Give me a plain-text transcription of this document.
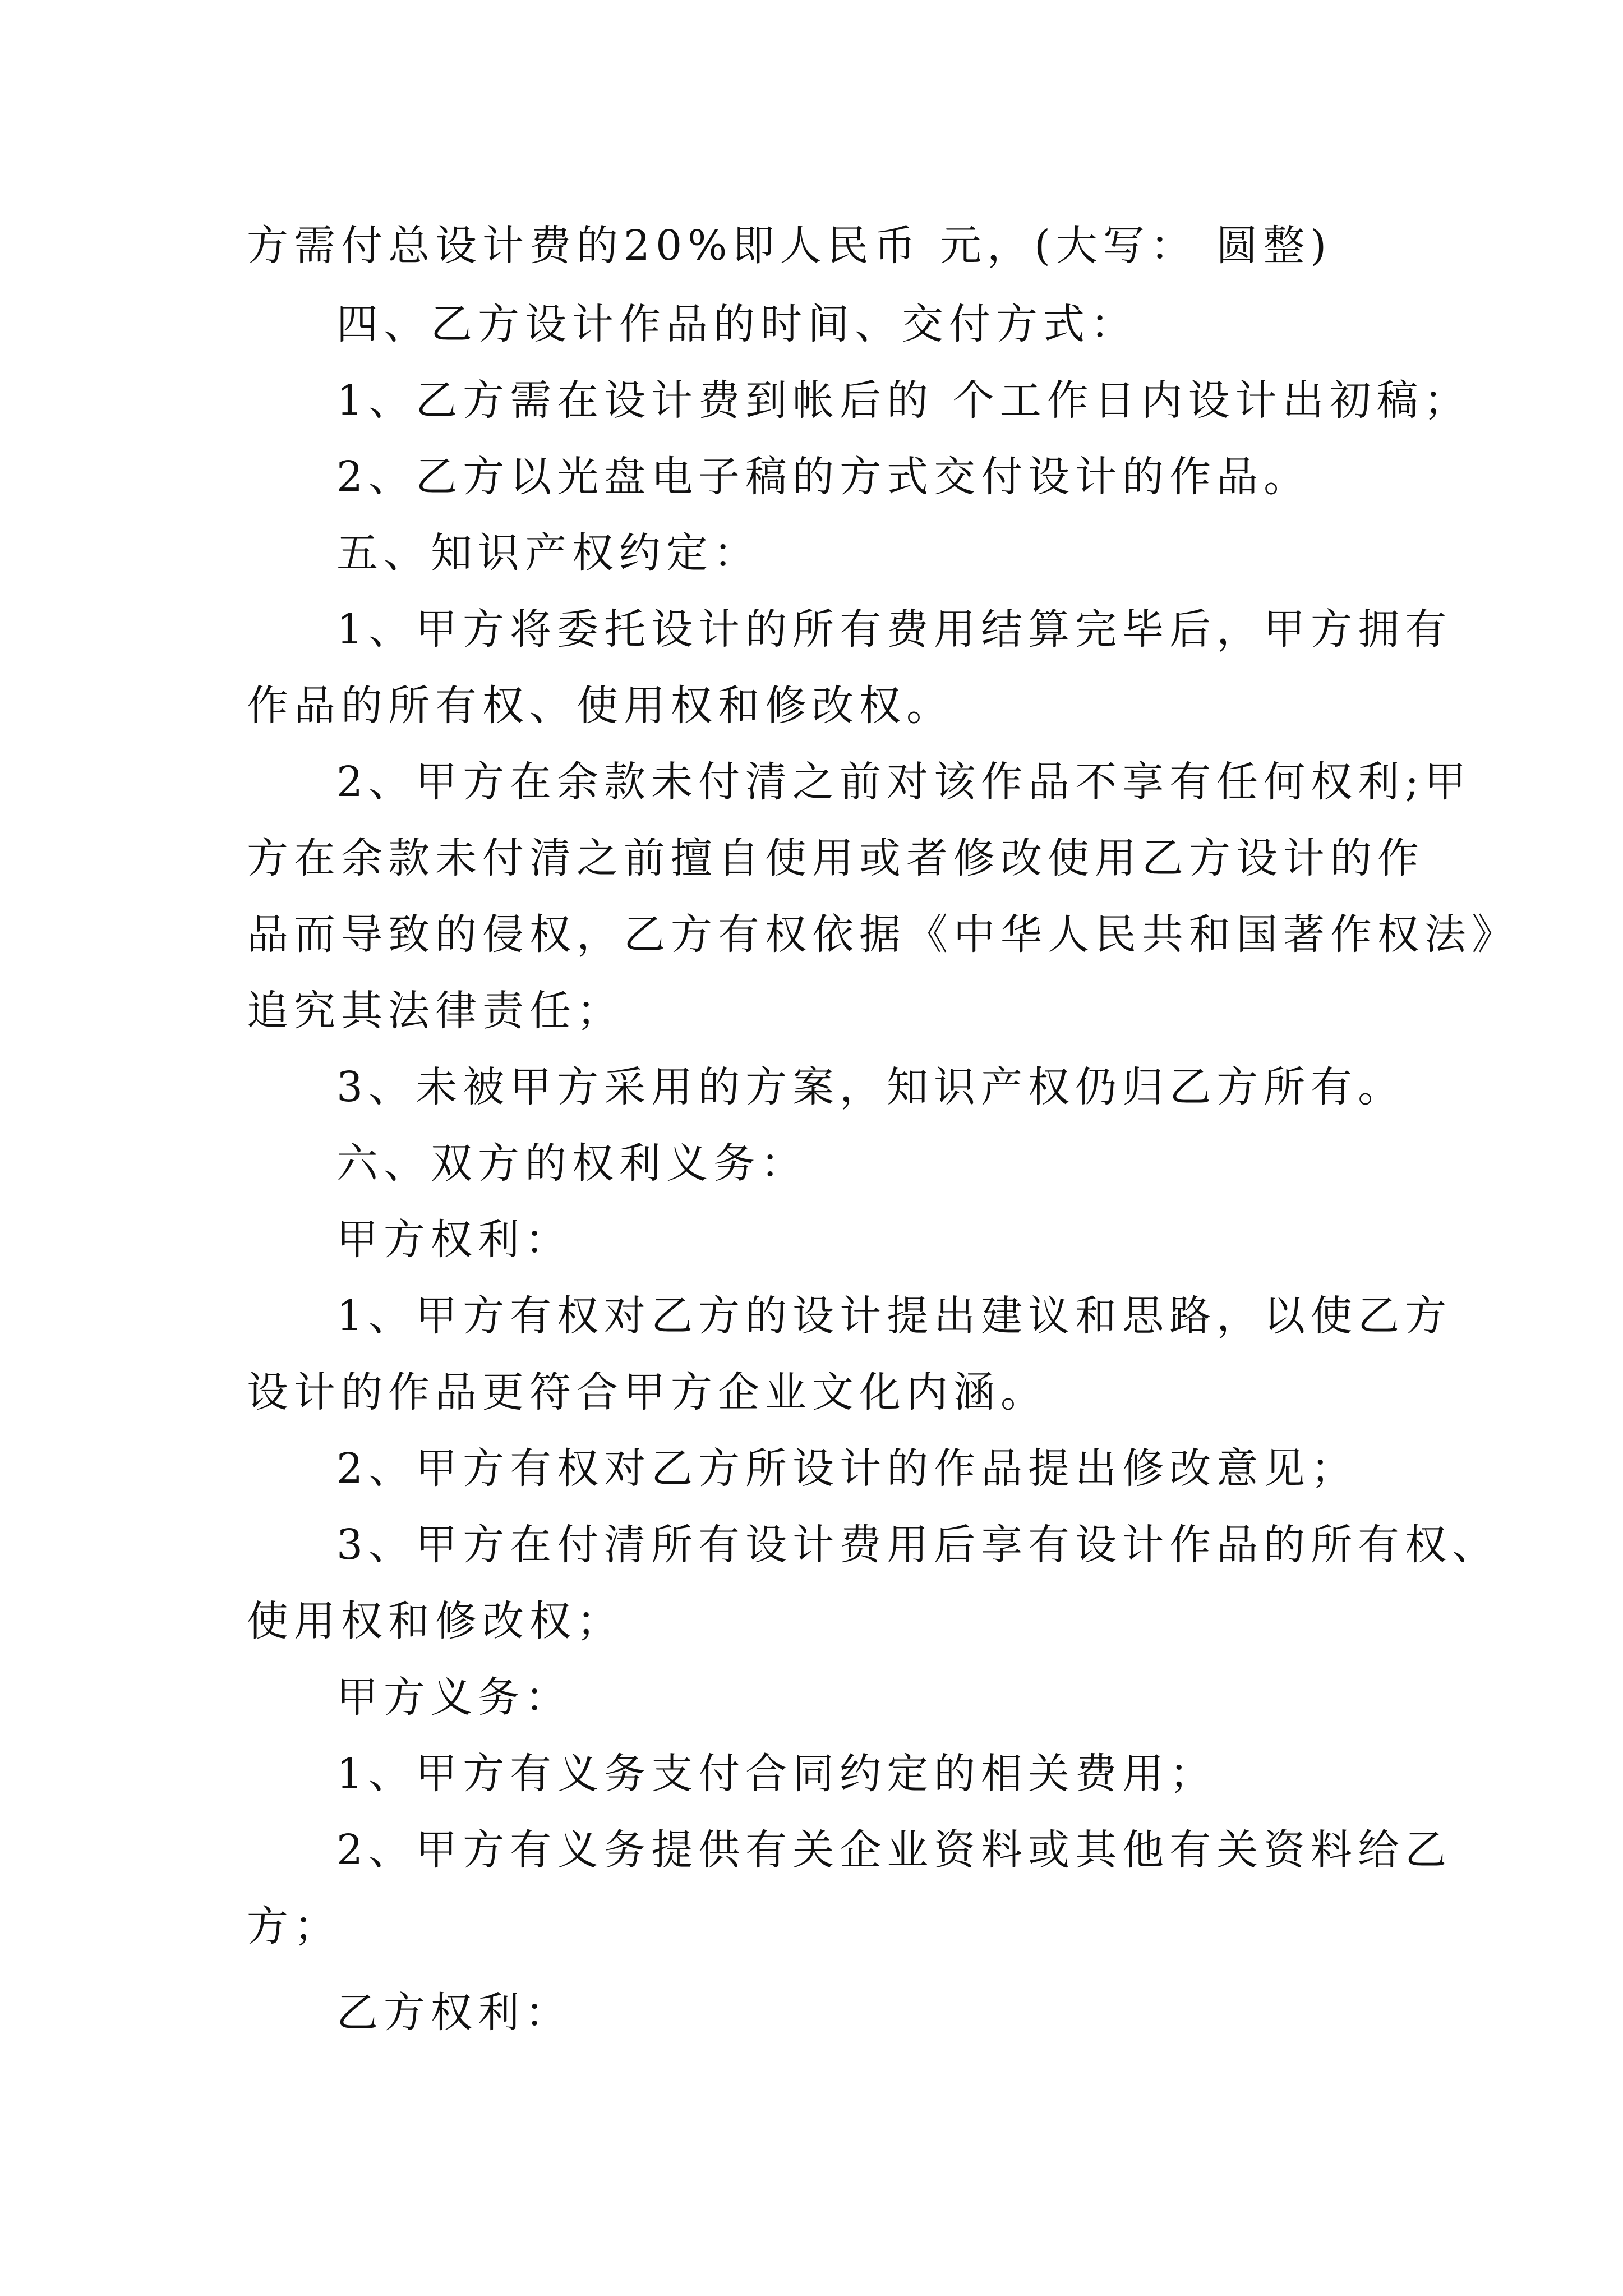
方需付总设计费的20%即人民币 元，(大写： 圆整)
四、乙方设计作品的时间、交付方式：
1、乙方需在设计费到帐后的 个工作日内设计出初稿；
2、乙方以光盘电子稿的方式交付设计的作品。
五、知识产权约定：
1、甲方将委托设计的所有费用结算完毕后，甲方拥有
作品的所有权、使用权和修改权。
2、甲方在余款未付清之前对该作品不享有任何权利;甲
方在余款未付清之前擅自使用或者修改使用乙方设计的作
品而导致的侵权，乙方有权依据《中华人民共和国著作权法》
追究其法律责任；
3、未被甲方采用的方案，知识产权仍归乙方所有。
六、双方的权利义务：
甲方权利：
1、甲方有权对乙方的设计提出建议和思路，以使乙方
设计的作品更符合甲方企业文化内涵。
2、甲方有权对乙方所设计的作品提出修改意见；
3、甲方在付清所有设计费用后享有设计作品的所有权、
使用权和修改权；
甲方义务：
1、甲方有义务支付合同约定的相关费用；
2、甲方有义务提供有关企业资料或其他有关资料给乙
方；
乙方权利：
